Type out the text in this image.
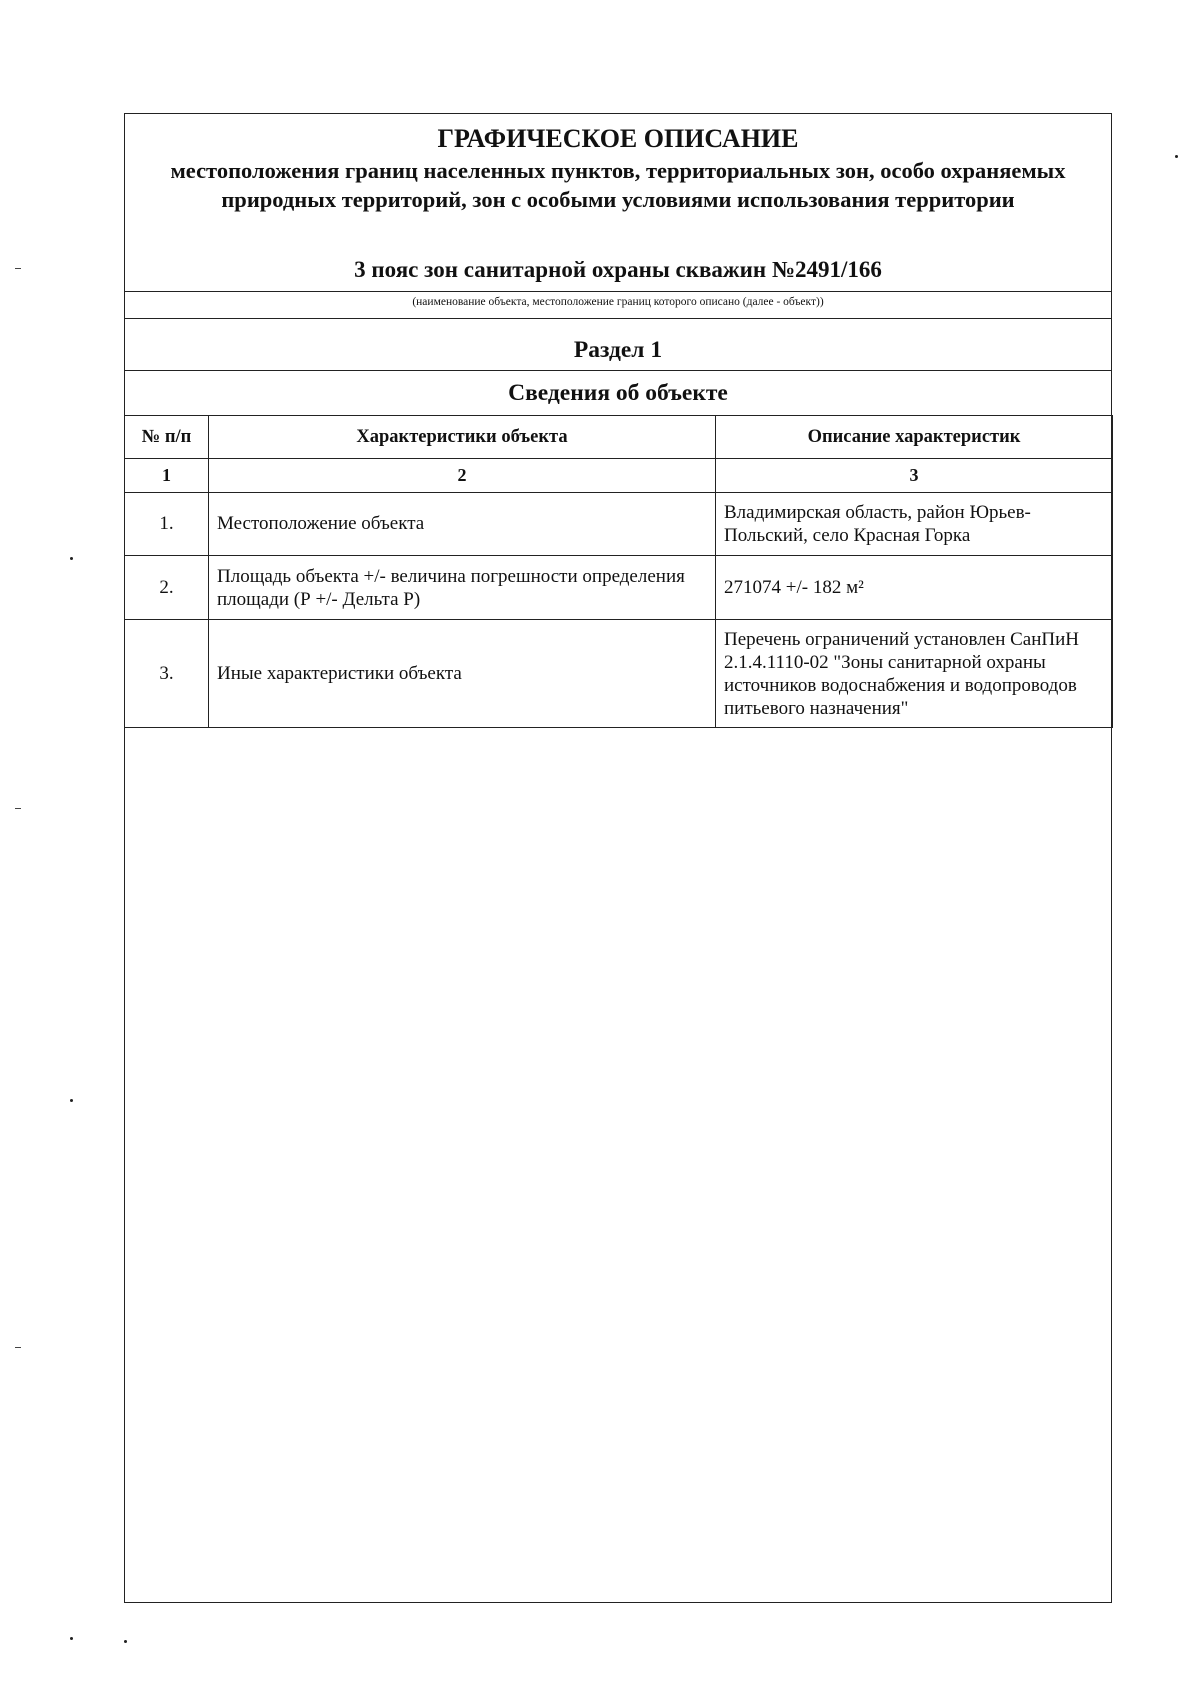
ГРАФИЧЕСКОЕ ОПИСАНИЕ
местоположения границ населенных пунктов, территориальных зон, особо охраняемых природных территорий, зон с особыми условиями использования территории
3 пояс зон санитарной охраны скважин №2491/166
(наименование объекта, местоположение границ которого описано (далее - объект))
Раздел 1
Сведения об объекте
№ п/п	Характеристики объекта	Описание характеристик
1	2	3
1.	Местоположение объекта	Владимирская область, район Юрьев-Польский, село Красная Горка
2.	Площадь объекта +/- величина погрешности определения площади (Р +/- Дельта Р)	271074 +/- 182 м²
3.	Иные характеристики объекта	Перечень ограничений установлен СанПиН 2.1.4.1110-02 "Зоны санитарной охраны источников водоснабжения и водопроводов питьевого назначения"
